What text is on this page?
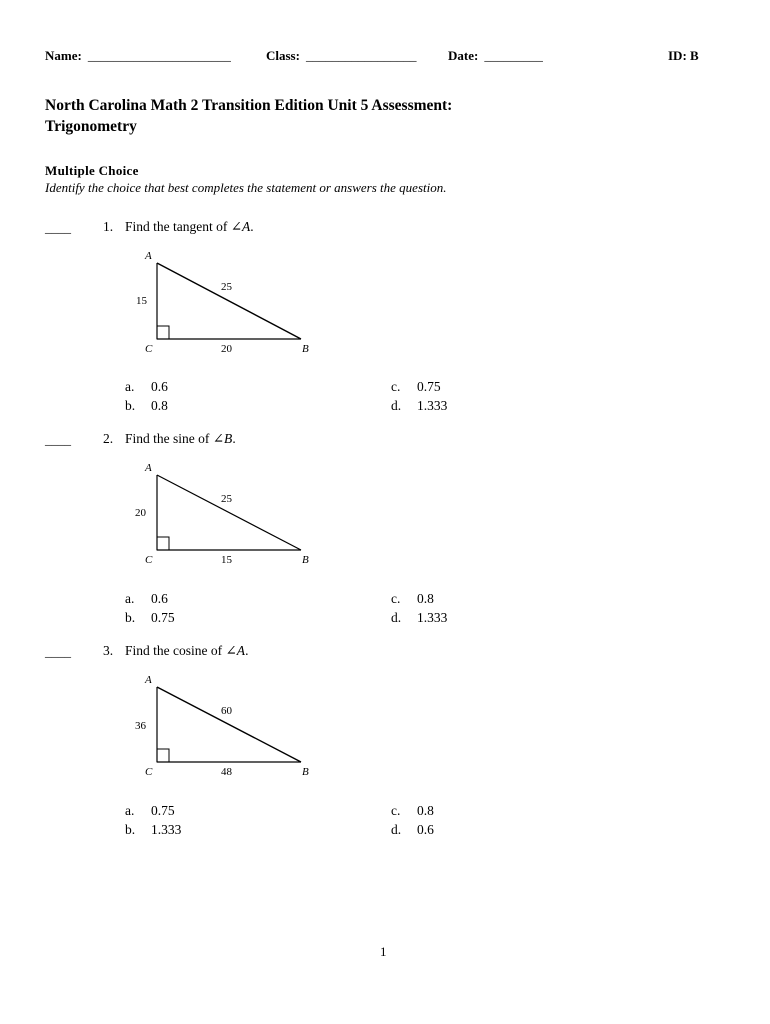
Name: ______________________	Class: _________________ Date: _________	ID: B
North Carolina Math 2 Transition Edition Unit 5 Assessment:
Trigonometry
Multiple Choice
Identify the choice that best completes the statement or answers the question.
____ 1. Find the tangent of ∠A.
A
B
C
15
25
20
a. 0.6
b. 0.8
c. 0.75
d. 1.333
____ 2. Find the sine of ∠B.
A
B
C
20
25
15
a. 0.6
b. 0.75
c. 0.8
d. 1.333
____ 3. Find the cosine of ∠A.
A
B
C
36
60
48
a. 0.75
b. 1.333
c. 0.8
d. 0.6
1
